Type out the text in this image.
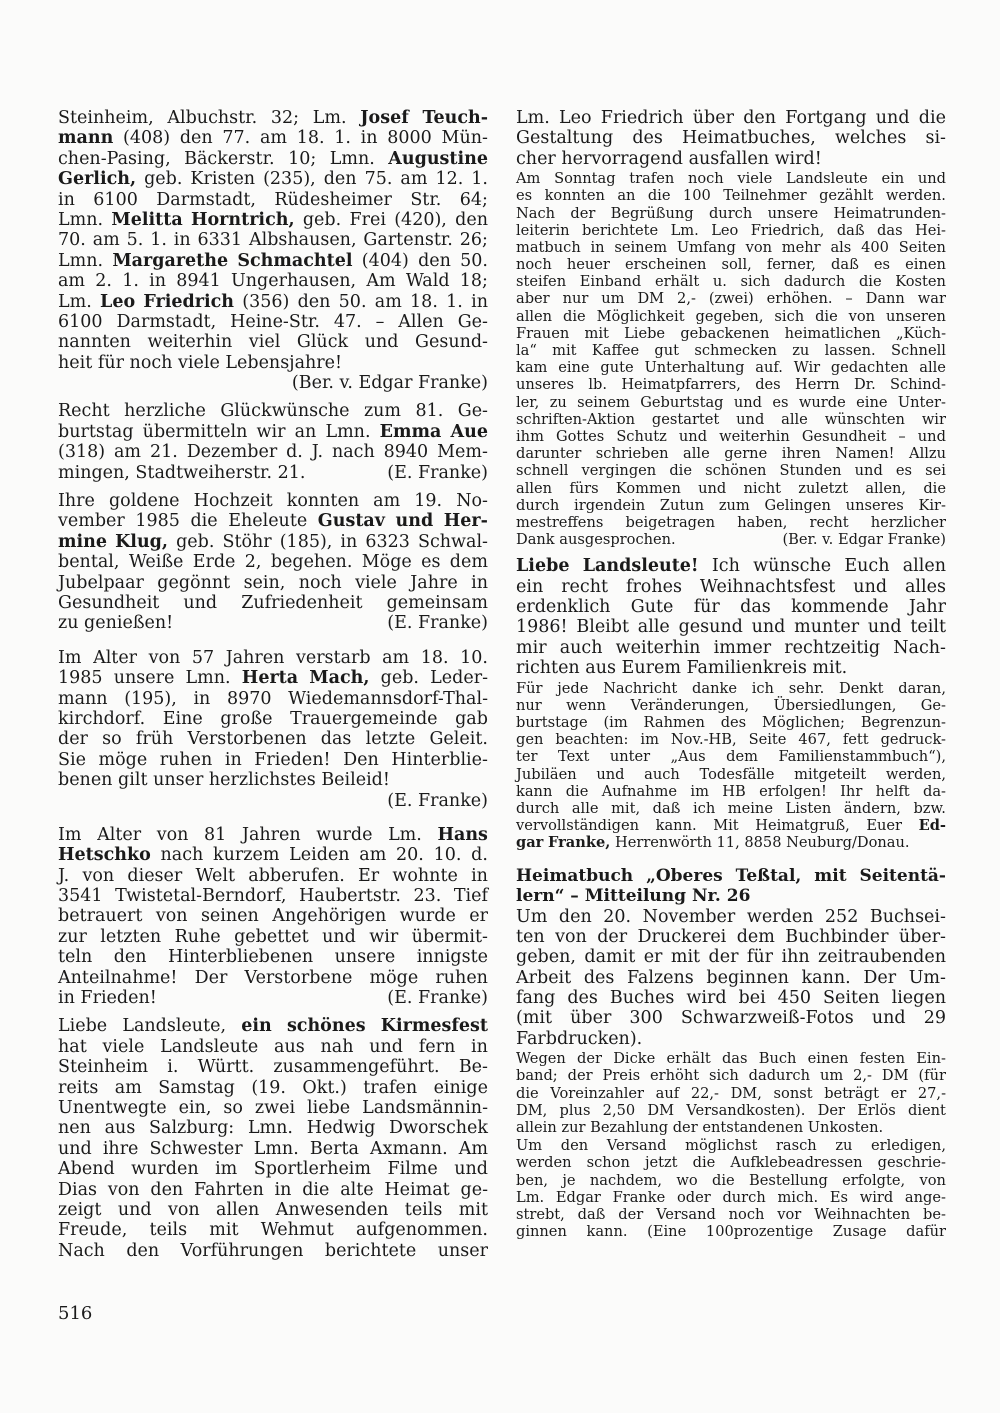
Steinheim, Albuchstr. 32; Lm. Josef Teuch-
mann (408) den 77. am 18. 1. in 8000 Mün-
chen-Pasing, Bäckerstr. 10; Lmn. Augustine
Gerlich, geb. Kristen (235), den 75. am 12. 1.
in 6100 Darmstadt, Rüdesheimer Str. 64;
Lmn. Melitta Horntrich, geb. Frei (420), den
70. am 5. 1. in 6331 Albshausen, Gartenstr. 26;
Lmn. Margarethe Schmachtel (404) den 50.
am 2. 1. in 8941 Ungerhausen, Am Wald 18;
Lm. Leo Friedrich (356) den 50. am 18. 1. in
6100 Darmstadt, Heine-Str. 47. – Allen Ge-
nannten weiterhin viel Glück und Gesund-
heit für noch viele Lebensjahre!
(Ber. v. Edgar Franke)
Recht herzliche Glückwünsche zum 81. Ge-
burtstag übermitteln wir an Lmn. Emma Aue
(318) am 21. Dezember d. J. nach 8940 Mem-
mingen, Stadtweiherstr. 21.	(E. Franke)
Ihre goldene Hochzeit konnten am 19. No-
vember 1985 die Eheleute Gustav und Her-
mine Klug, geb. Stöhr (185), in 6323 Schwal-
bental, Weiße Erde 2, begehen. Möge es dem
Jubelpaar gegönnt sein, noch viele Jahre in
Gesundheit und Zufriedenheit gemeinsam
zu genießen!	(E. Franke)
Im Alter von 57 Jahren verstarb am 18. 10.
1985 unsere Lmn. Herta Mach, geb. Leder-
mann (195), in 8970 Wiedemannsdorf-Thal-
kirchdorf. Eine große Trauergemeinde gab
der so früh Verstorbenen das letzte Geleit.
Sie möge ruhen in Frieden! Den Hinterblie-
benen gilt unser herzlichstes Beileid!
(E. Franke)
Im Alter von 81 Jahren wurde Lm. Hans
Hetschko nach kurzem Leiden am 20. 10. d.
J. von dieser Welt abberufen. Er wohnte in
3541 Twistetal-Berndorf, Haubertstr. 23. Tief
betrauert von seinen Angehörigen wurde er
zur letzten Ruhe gebettet und wir übermit-
teln den Hinterbliebenen unsere innigste
Anteilnahme! Der Verstorbene möge ruhen
in Frieden!	(E. Franke)
Liebe Landsleute, ein schönes Kirmesfest
hat viele Landsleute aus nah und fern in
Steinheim i. Württ. zusammengeführt. Be-
reits am Samstag (19. Okt.) trafen einige
Unentwegte ein, so zwei liebe Landsmännin-
nen aus Salzburg: Lmn. Hedwig Dworschek
und ihre Schwester Lmn. Berta Axmann. Am
Abend wurden im Sportlerheim Filme und
Dias von den Fahrten in die alte Heimat ge-
zeigt und von allen Anwesenden teils mit
Freude, teils mit Wehmut aufgenommen.
Nach den Vorführungen berichtete unser
Lm. Leo Friedrich über den Fortgang und die
Gestaltung des Heimatbuches, welches si-
cher hervorragend ausfallen wird!
Am Sonntag trafen noch viele Landsleute ein und
es konnten an die 100 Teilnehmer gezählt werden.
Nach der Begrüßung durch unsere Heimatrunden-
leiterin berichtete Lm. Leo Friedrich, daß das Hei-
matbuch in seinem Umfang von mehr als 400 Seiten
noch heuer erscheinen soll, ferner, daß es einen
steifen Einband erhält u. sich dadurch die Kosten
aber nur um DM 2,- (zwei) erhöhen. – Dann war
allen die Möglichkeit gegeben, sich die von unseren
Frauen mit Liebe gebackenen heimatlichen „Küch-
la“ mit Kaffee gut schmecken zu lassen. Schnell
kam eine gute Unterhaltung auf. Wir gedachten alle
unseres lb. Heimatpfarrers, des Herrn Dr. Schind-
ler, zu seinem Geburtstag und es wurde eine Unter-
schriften-Aktion gestartet und alle wünschten wir
ihm Gottes Schutz und weiterhin Gesundheit – und
darunter schrieben alle gerne ihren Namen! Allzu
schnell vergingen die schönen Stunden und es sei
allen fürs Kommen und nicht zuletzt allen, die
durch irgendein Zutun zum Gelingen unseres Kir-
mestreffens beigetragen haben, recht herzlicher
Dank ausgesprochen.	(Ber. v. Edgar Franke)
Liebe Landsleute! Ich wünsche Euch allen
ein recht frohes Weihnachtsfest und alles
erdenklich Gute für das kommende Jahr
1986! Bleibt alle gesund und munter und teilt
mir auch weiterhin immer rechtzeitig Nach-
richten aus Eurem Familienkreis mit.
Für jede Nachricht danke ich sehr. Denkt daran,
nur wenn Veränderungen, Übersiedlungen, Ge-
burtstage (im Rahmen des Möglichen; Begrenzun-
gen beachten: im Nov.-HB, Seite 467, fett gedruck-
ter Text unter „Aus dem Familienstammbuch“),
Jubiläen und auch Todesfälle mitgeteilt werden,
kann die Aufnahme im HB erfolgen! Ihr helft da-
durch alle mit, daß ich meine Listen ändern, bzw.
vervollständigen kann. Mit Heimatgruß, Euer Ed-
gar Franke, Herrenwörth 11, 8858 Neuburg/Donau.
Heimatbuch „Oberes Teßtal, mit Seitentä-
lern“ – Mitteilung Nr. 26
Um den 20. November werden 252 Buchsei-
ten von der Druckerei dem Buchbinder über-
geben, damit er mit der für ihn zeitraubenden
Arbeit des Falzens beginnen kann. Der Um-
fang des Buches wird bei 450 Seiten liegen
(mit über 300 Schwarzweiß-Fotos und 29
Farbdrucken).
Wegen der Dicke erhält das Buch einen festen Ein-
band; der Preis erhöht sich dadurch um 2,- DM (für
die Voreinzahler auf 22,- DM, sonst beträgt er 27,-
DM, plus 2,50 DM Versandkosten). Der Erlös dient
allein zur Bezahlung der entstandenen Unkosten.
Um den Versand möglichst rasch zu erledigen,
werden schon jetzt die Aufklebeadressen geschrie-
ben, je nachdem, wo die Bestellung erfolgte, von
Lm. Edgar Franke oder durch mich. Es wird ange-
strebt, daß der Versand noch vor Weihnachten be-
ginnen kann. (Eine 100prozentige Zusage dafür
516
